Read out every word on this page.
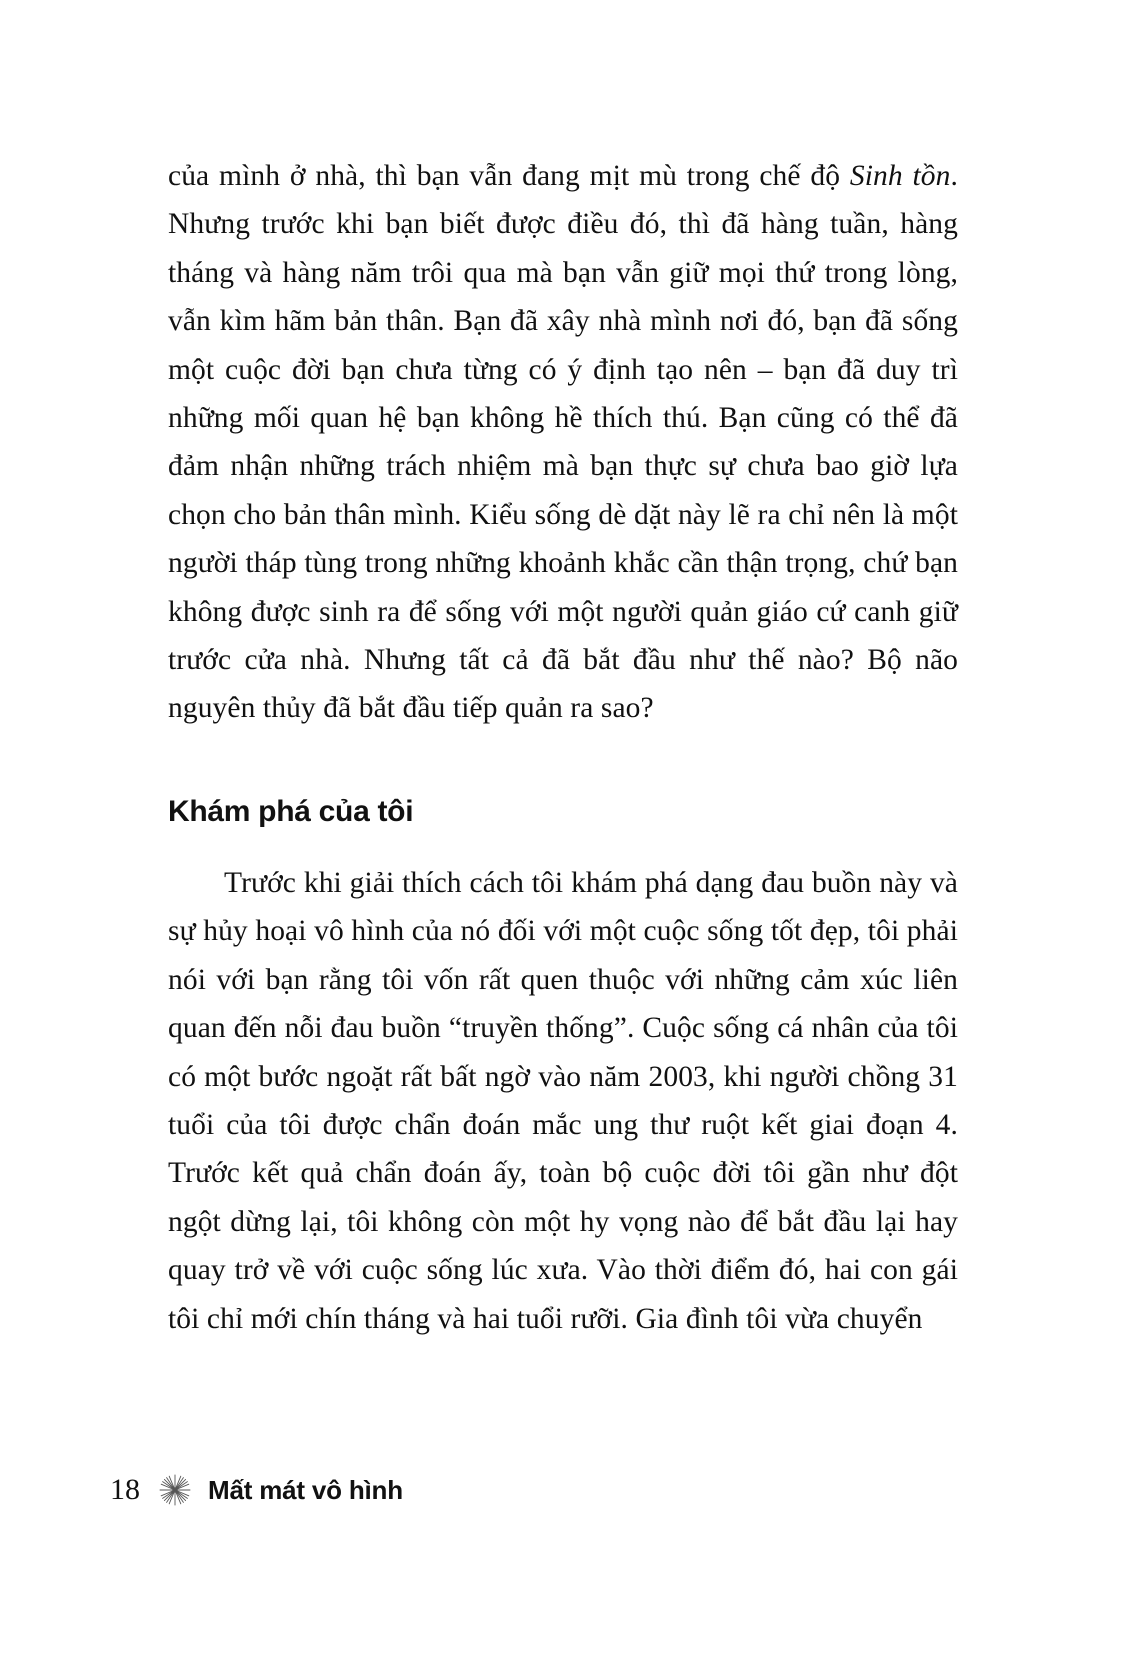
của mình ở nhà, thì bạn vẫn đang mịt mù trong chế độ Sinh tồn. Nhưng trước khi bạn biết được điều đó, thì đã hàng tuần, hàng tháng và hàng năm trôi qua mà bạn vẫn giữ mọi thứ trong lòng, vẫn kìm hãm bản thân. Bạn đã xây nhà mình nơi đó, bạn đã sống một cuộc đời bạn chưa từng có ý định tạo nên – bạn đã duy trì những mối quan hệ bạn không hề thích thú. Bạn cũng có thể đã đảm nhận những trách nhiệm mà bạn thực sự chưa bao giờ lựa chọn cho bản thân mình. Kiểu sống dè dặt này lẽ ra chỉ nên là một người tháp tùng trong những khoảnh khắc cần thận trọng, chứ bạn không được sinh ra để sống với một người quản giáo cứ canh giữ trước cửa nhà. Nhưng tất cả đã bắt đầu như thế nào? Bộ não nguyên thủy đã bắt đầu tiếp quản ra sao?

Khám phá của tôi

Trước khi giải thích cách tôi khám phá dạng đau buồn này và sự hủy hoại vô hình của nó đối với một cuộc sống tốt đẹp, tôi phải nói với bạn rằng tôi vốn rất quen thuộc với những cảm xúc liên quan đến nỗi đau buồn “truyền thống”. Cuộc sống cá nhân của tôi có một bước ngoặt rất bất ngờ vào năm 2003, khi người chồng 31 tuổi của tôi được chẩn đoán mắc ung thư ruột kết giai đoạn 4. Trước kết quả chẩn đoán ấy, toàn bộ cuộc đời tôi gần như đột ngột dừng lại, tôi không còn một hy vọng nào để bắt đầu lại hay quay trở về với cuộc sống lúc xưa. Vào thời điểm đó, hai con gái tôi chỉ mới chín tháng và hai tuổi rưỡi. Gia đình tôi vừa chuyển

18	Mất mát vô hình
